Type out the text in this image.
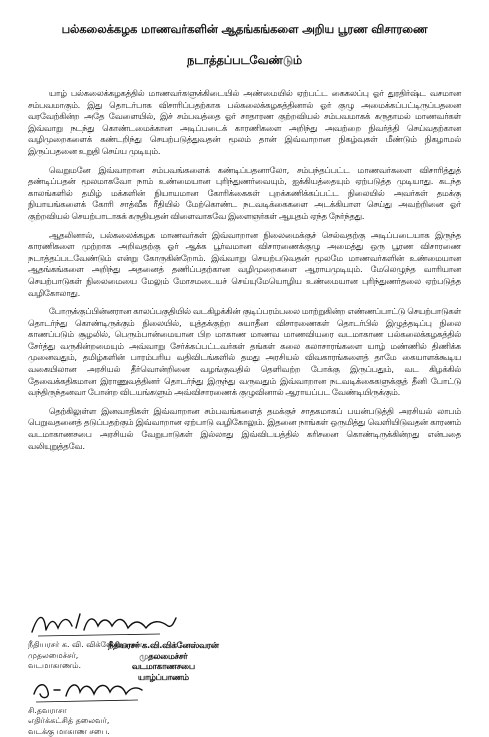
பல்கலைக்கழக மாணவர்களின் ஆதங்கங்களை அறிய பூரண விசாரணை
நடாத்தப்படவேண்டும்

யாழ் பல்கலைக்கழகத்தில் மாணவர்களுக்கிடையில் அண்மையில் ஏற்பட்ட கைகலப்பு ஓர் துரதிர்ஷ்ட வசமான சம்பவமாகும். இது தொடர்பாக விசாரிப்பதற்காக பல்கலைக்கழகத்தினால் ஓர் குழு அமைக்கப்பட்டிருப்பதனை வரவேற்கின்ற அதே வேளையில், இச் சம்பவத்தை ஓர் சாதாரண குற்றவியல் சம்பவமாகக் கருதாமல் மாணவர்கள் இவ்வாறு நடந்து கொண்டமைக்கான அடிப்படைக் காரணிகளை அறிந்து அவற்றை நிவர்த்தி செய்வதற்கான வழிமுறைகளைக் கண்டறிந்து செயற்படுத்துவதன் மூலம் தான் இவ்வாறான நிகழ்வுகள் மீண்டும் நிகழாமல் இருப்பதனை உறுதி செய்ய முடியும்.

வெறுமனே இவ்வாறான சம்பவங்களைக் கண்டிப்பதனாலோ, சம்பந்தப்பட்ட மாணவர்களை விசாரித்துத் தண்டிப்பதன் மூலமாகவோ நாம் உண்மையான புரிந்துணர்வையும், ஐக்கியத்தையும் ஏற்படுத்த முடியாது. கடந்த காலங்களில் தமிழ் மக்களின் நியாயமான கோரிக்கைகள் புறக்கணிக்கப்பட்ட நிலையில் அவர்கள் தமக்கு நியாயங்களைக் கோரி சாத்வீக ரீதியில் மேற்கொண்ட நடவடிக்கைகளை அடக்கியாள செய்து அவற்றினை ஓர் குற்றவியல் செயற்பாடாகக் கருதியதன் விளைவாகவே இளைஞர்கள் ஆயுதம் ஏந்த நேர்ந்தது.

ஆதலினால், பல்கலைக்கழக மாணவர்கள் இவ்வாறான நிலைமைக்குச் செல்வதற்கு அடிப்படையாக இருந்த காரணிகளை முற்றாக அறிவதற்கு ஓர் ஆக்க பூர்வமான விசாரணைக்குழு அமைத்து ஒரு பூரண விசாரணை நடாத்தப்படவேண்டும் என்று கோருகின்றோம். இவ்வாறு செயற்படுவதன் மூலமே மாணவர்களின் உண்மையான ஆதங்கங்களை அறிந்து அதனைத் தணிப்பதற்கான வழிமுறைகளை ஆராயமுடியும். மேலெழுந்த வாரியான செயற்பாடுகள் நிலைமையை மேலும் மோசமடையச் செய்யுமேயொழிய உண்மையான புரிந்துணர்தலை ஏற்படுத்த வழிகோலாது.

போருக்குப்பின்னரான காலப்பகுதியில் வடகிழக்கின் குடிப்பரம்பலை மாற்றுகின்ற எண்ணப்பாட்டு செயற்பாடுகள் தொடர்ந்து கொண்டிருக்கும் நிலையில், யுத்தக்குற்ற சுயாதீன விசாரணைகள் தொடர்பில் இழுத்தடிப்பு நிலை காணப்படும் சூழலில், பெரும்பான்மையான பிற மாகாண மாணவ மாணவியரை வடமாகாண பல்கலைக்கழகத்தில் சேர்த்து வருகின்றமையும் அவ்வாறு சேர்க்கப்பட்டவர்கள் தங்கள் கலை கலாசாரங்களை யாழ் மண்ணில் திணிக்க முனைவதும், தமிழ்களின் பாரம்பரிய வதிவிடங்களில் தமது அரசியல் விவகாரங்களைத் தாமே கையாளக்கூடிய வகையிலான அரசியல் தீர்வொன்றினை வழங்குவதில் தெளிவற்ற போக்கு இருப்பதும், வட கிழக்கில் தேவைக்கதிகமான இராணுவத்தினர் தொடர்ந்து இருந்து வருவதும் இவ்வாறான நடவடிக்கைகளுக்குத் தீனி போட்டு வந்திருந்தனவா போன்ற விடயங்களும் அவ்விசாரணைக் குழுவினால் ஆராயப்பட வேண்டியிருக்கும்.

தெற்கிலுள்ள இனவாதிகள் இவ்வாறான சம்பவங்களைத் தமக்குச் சாதகமாகப் பயன்படுத்தி அரசியல் லாபம் பெறுவதனைத் தடுப்பதற்கும் இவ்வாறான ஏற்பாடு வழிகோலும். இதனை நாங்கள் ஒருமித்து வெளியிடுவதன் காரணம் வடமாகாணசபை அரசியல் வேறுபாடுகள் இல்லாது இவ்விடயத்தில் கரிசனை கொண்டிருக்கின்றது என்பதை வலியுறுத்தவே.

நீதியரசர் க. வி. விக்னேஸ்வரன்

முதலமைச்சர்,

வடமாகாணம்.

நீதியரசர் க.வி.விக்னேஸ்வரன்
முதலமைச்சர்
வடமாகாணசபை
யாழ்ப்பாணம்

சி.தவராசா

எதிர்க்கட்சித் தலைவர்,

வடக்கு மாகாண சபை.
